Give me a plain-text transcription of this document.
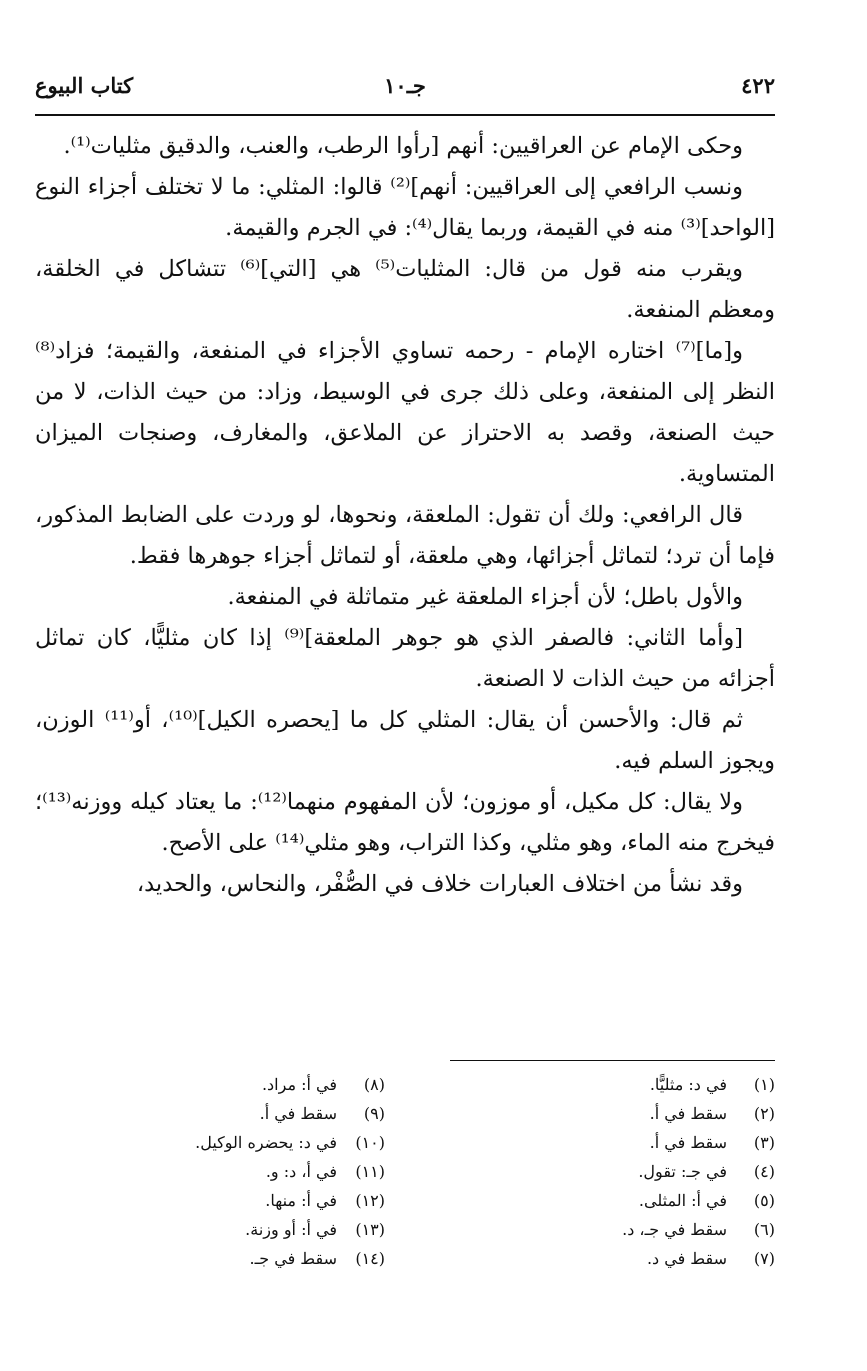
٤٢٢
جـ١٠
كتاب البيوع

وحكى الإمام عن العراقيين: أنهم [رأوا الرطب، والعنب، والدقيق مثليات⁽¹⁾.

ونسب الرافعي إلى العراقيين: أنهم]⁽²⁾ قالوا: المثلي: ما لا تختلف أجزاء النوع [الواحد]⁽³⁾ منه في القيمة، وربما يقال⁽⁴⁾: في الجرم والقيمة.

ويقرب منه قول من قال: المثليات⁽⁵⁾ هي [التي]⁽⁶⁾ تتشاكل في الخلقة، ومعظم المنفعة.

و[ما]⁽⁷⁾ اختاره الإمام - رحمه تساوي الأجزاء في المنفعة، والقيمة؛ فزاد⁽⁸⁾ النظر إلى المنفعة، وعلى ذلك جرى في الوسيط، وزاد: من حيث الذات، لا من حيث الصنعة، وقصد به الاحتراز عن الملاعق، والمغارف، وصنجات الميزان المتساوية.

قال الرافعي: ولك أن تقول: الملعقة، ونحوها، لو وردت على الضابط المذكور، فإما أن ترد؛ لتماثل أجزائها، وهي ملعقة، أو لتماثل أجزاء جوهرها فقط.

والأول باطل؛ لأن أجزاء الملعقة غير متماثلة في المنفعة.

[وأما الثاني: فالصفر الذي هو جوهر الملعقة]⁽⁹⁾ إذا كان مثليًّا، كان تماثل أجزائه من حيث الذات لا الصنعة.

ثم قال: والأحسن أن يقال: المثلي كل ما [يحصره الكيل]⁽¹⁰⁾، أو⁽¹¹⁾ الوزن، ويجوز السلم فيه.

ولا يقال: كل مكيل، أو موزون؛ لأن المفهوم منهما⁽¹²⁾: ما يعتاد كيله ووزنه⁽¹³⁾؛ فيخرج منه الماء، وهو مثلي، وكذا التراب، وهو مثلي⁽¹⁴⁾ على الأصح.

وقد نشأ من اختلاف العبارات خلاف في الصُّفْر، والنحاس، والحديد،

(١)في د: مثليًّا.
(٢)سقط في أ.
(٣)سقط في أ.
(٤)في جـ: تقول.
(٥)في أ: المثلى.
(٦)سقط في جـ، د.
(٧)سقط في د.
(٨)في أ: مراد.
(٩)سقط في أ.
(١٠)في د: يحضره الوكيل.
(١١)في أ، د: و.
(١٢)في أ: منها.
(١٣)في أ: أو وزنة.
(١٤)سقط في جـ.
